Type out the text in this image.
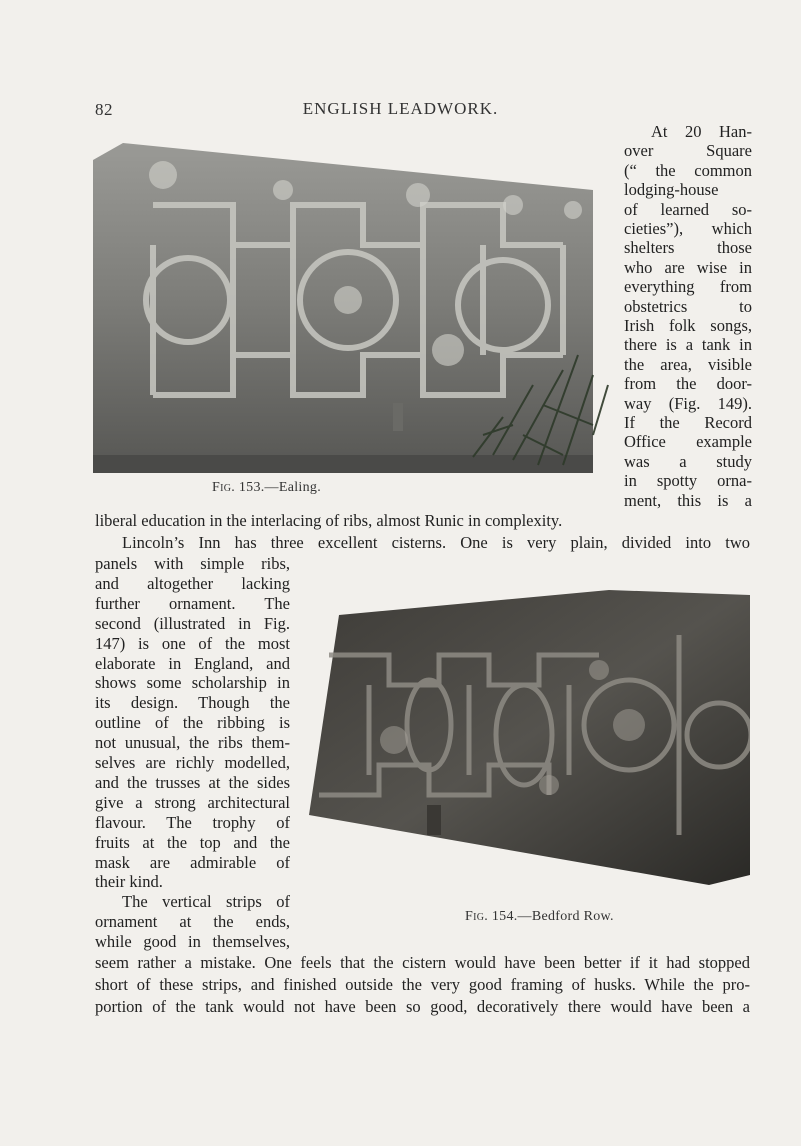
82	ENGLISH LEADWORK.
Fig. 153.—Ealing.
Fig. 154.—Bedford Row.
At 20 Han-
over Square
(“ the common
lodging-house
of learned so-
cieties”), which
shelters those
who are wise in
everything from
obstetrics to
Irish folk songs,
there is a tank in
the area, visible
from the door-
way (Fig. 149).
If the Record
Office example
was a study
in spotty orna-
ment, this is a
liberal education in the interlacing of ribs, almost Runic in complexity.
Lincoln’s Inn has three excellent cisterns. One is very plain, divided into two
panels with simple ribs,
and altogether lacking
further ornament. The
second (illustrated in Fig.
147) is one of the most
elaborate in England, and
shows some scholarship in
its design. Though the
outline of the ribbing is
not unusual, the ribs them-
selves are richly modelled,
and the trusses at the sides
give a strong architectural
flavour. The trophy of
fruits at the top and the
mask are admirable of
their kind.
The vertical strips of
ornament at the ends,
while good in themselves,
seem rather a mistake. One feels that the cistern would have been better if it had stopped
short of these strips, and finished outside the very good framing of husks. While the pro-
portion of the tank would not have been so good, decoratively there would have been a
